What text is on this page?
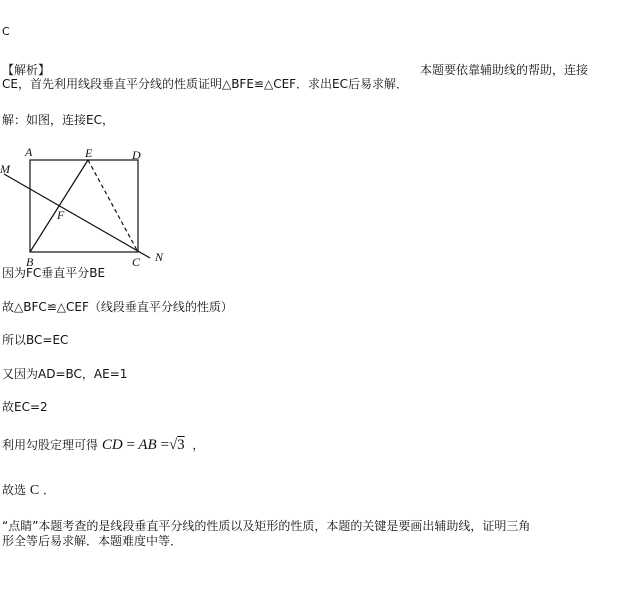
C
【解析】	本题要依靠辅助线的帮助，连接
CE，首先利用线段垂直平分线的性质证明△BFE≌△CEF．求出EC后易求解．
解：如图，连接EC，
A	E	D
M
F
B	C N
因为FC垂直平分BE
故△BFC≌△CEF（线段垂直平分线的性质）
所以BC=EC
又因为AD=BC，AE=1
故EC=2
利用勾股定理可得 CD = AB =√3 ，
故选 C ．
“点睛”本题考查的是线段垂直平分线的性质以及矩形的性质，本题的关键是要画出辅助线，证明三角
形全等后易求解．本题难度中等．
